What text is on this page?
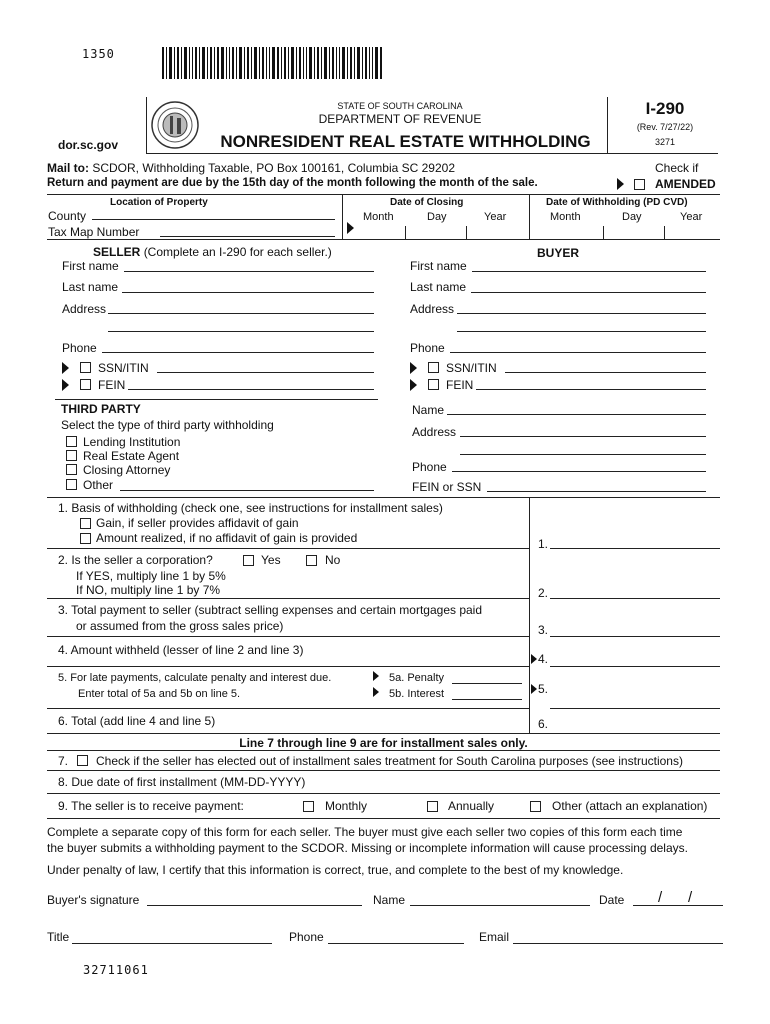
1350
dor.sc.gov
STATE OF SOUTH CAROLINA
DEPARTMENT OF REVENUE
NONRESIDENT REAL ESTATE WITHHOLDING
I-290
(Rev. 7/27/22)
3271
Mail to: SCDOR, Withholding Taxable, PO Box 100161, Columbia SC 29202
Return and payment are due by the 15th day of the month following the month of the sale.
Check if
AMENDED
Location of Property
County
Tax Map Number
Date of Closing
Month	Day	Year
Date of Withholding (PD CVD)
Month	Day	Year
SELLER (Complete an I-290 for each seller.)
First name
Last name
Address
Phone
SSN/ITIN
FEIN
BUYER
First name
Last name
Address
Phone
SSN/ITIN
FEIN
THIRD PARTY
Select the type of third party withholding
Lending Institution
Real Estate Agent
Closing Attorney
Other
Name
Address
Phone
FEIN or SSN
1. Basis of withholding (check one, see instructions for installment sales)
Gain, if seller provides affidavit of gain
Amount realized, if no affidavit of gain is provided	1.
2. Is the seller a corporation?	Yes	No
If YES, multiply line 1 by 5%
If NO, multiply line 1 by 7%	2.
3. Total payment to seller (subtract selling expenses and certain mortgages paid
or assumed from the gross sales price)	3.
4. Amount withheld (lesser of line 2 and line 3)
4.
5. For late payments, calculate penalty and interest due.
Enter total of 5a and 5b on line 5.
5a. Penalty
5b. Interest	5.
6. Total (add line 4 and line 5)	6.
Line 7 through line 9 are for installment sales only.
7. Check if the seller has elected out of installment sales treatment for South Carolina purposes (see instructions)
8. Due date of first installment (MM-DD-YYYY)
9. The seller is to receive payment:	Monthly	Annually	Other (attach an explanation)
Complete a separate copy of this form for each seller. The buyer must give each seller two copies of this form each time
the buyer submits a withholding payment to the SCDOR. Missing or incomplete information will cause processing delays.
Under penalty of law, I certify that this information is correct, true, and complete to the best of my knowledge.
Buyer's signature	Name	Date / /
Title	Phone	Email
32711061
